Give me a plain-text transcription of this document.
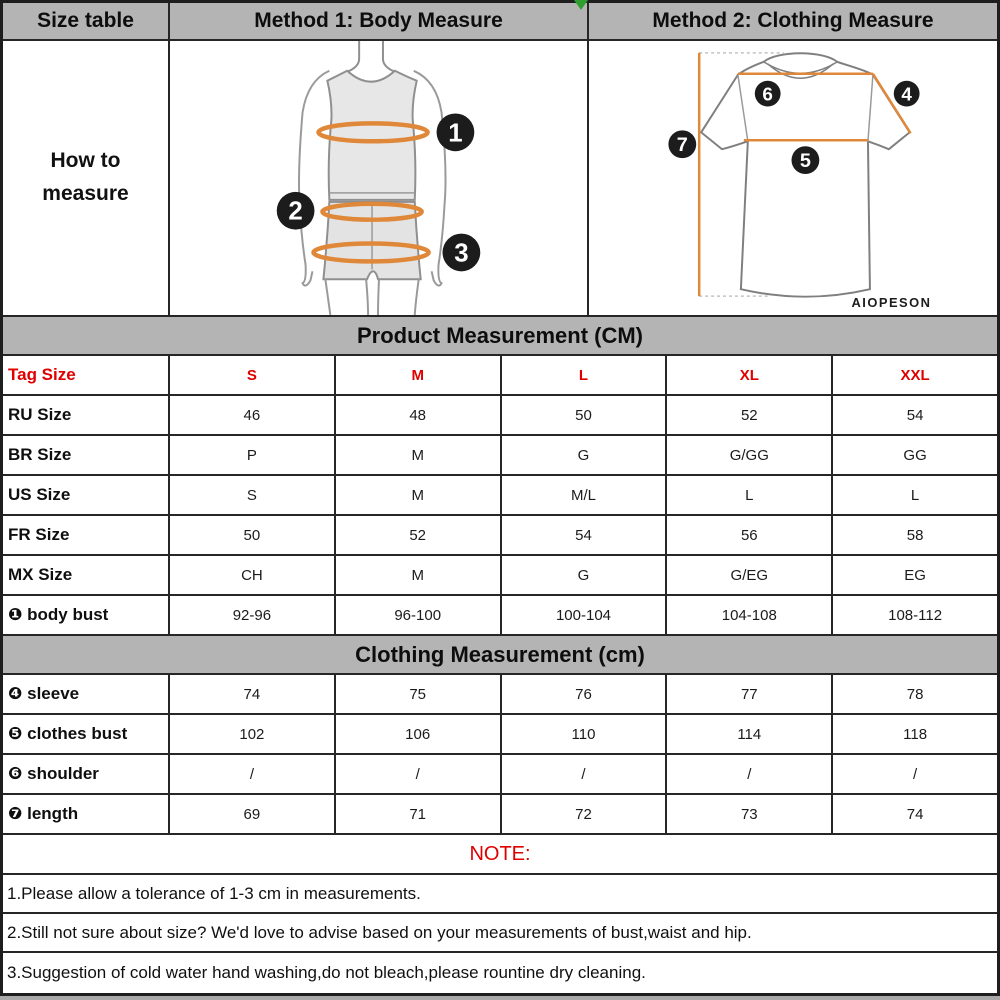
Size table	Method 1: Body Measure	Method 2: Clothing Measure
How to
measure
1
2
3
6	4
7
5
AIOPESON
Product Measurement (CM)
Tag Size	S	M	L	XL	XXL
RU Size	46	48	50	52	54
BR Size	P	M	G	G/GG	GG
US Size	S	M	M/L	L	L
FR Size	50	52	54	56	58
MX Size	CH	M	G	G/EG	EG
❶ body bust	92-96	96-100	100-104	104-108	108-112
Clothing Measurement (cm)
❹ sleeve	74	75	76	77	78
❺ clothes bust	102	106	110	114	118
❻ shoulder	/	/	/	/	/
❼ length	69	71	72	73	74
NOTE:
1.Please allow a tolerance of 1-3 cm in measurements.
2.Still not sure about size? We'd love to advise based on your measurements of bust,waist and hip.
3.Suggestion of cold water hand washing,do not bleach,please rountine dry cleaning.
